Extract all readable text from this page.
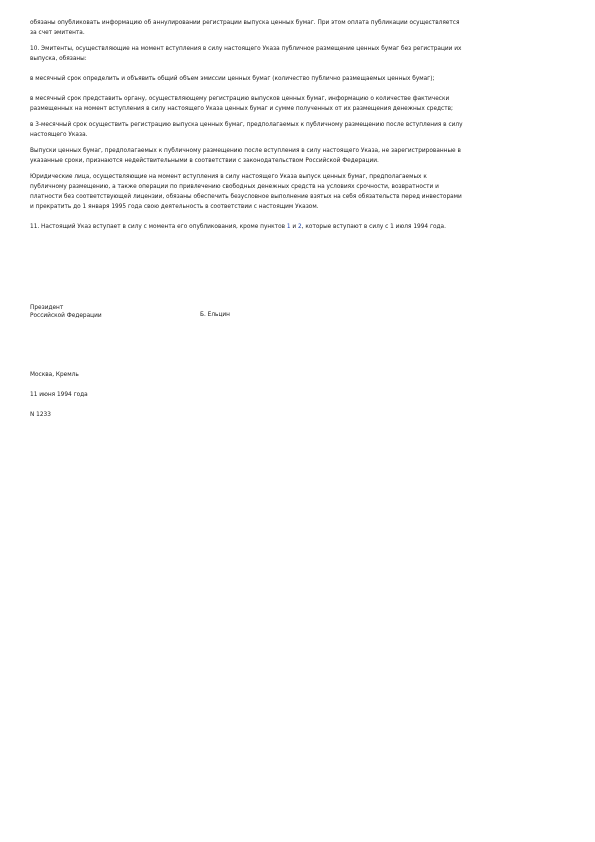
обязаны опубликовать информацию об аннулировании регистрации выпуска ценных бумаг. При этом оплата публикации осуществляется
за счет эмитента.
10. Эмитенты, осуществляющие на момент вступления в силу настоящего Указа публичное размещение ценных бумаг без регистрации их
выпуска, обязаны:
в месячный срок определить и объявить общий объем эмиссии ценных бумаг (количество публично размещаемых ценных бумаг);
в месячный срок представить органу, осуществляющему регистрацию выпусков ценных бумаг, информацию о количестве фактически
размещенных на момент вступления в силу настоящего Указа ценных бумаг и сумме полученных от их размещения денежных средств;
в 3-месячный срок осуществить регистрацию выпуска ценных бумаг, предполагаемых к публичному размещению после вступления в силу
настоящего Указа.
Выпуски ценных бумаг, предполагаемых к публичному размещению после вступления в силу настоящего Указа, не зарегистрированные в
указанные сроки, признаются недействительными в соответствии с законодательством Российской Федерации.
Юридические лица, осуществляющие на момент вступления в силу настоящего Указа выпуск ценных бумаг, предполагаемых к
публичному размещению, а также операции по привлечению свободных денежных средств на условиях срочности, возвратности и
платности без соответствующей лицензии, обязаны обеспечить безусловное выполнение взятых на себя обязательств перед инвесторами
и прекратить до 1 января 1995 года свою деятельность в соответствии с настоящим Указом.
11. Настоящий Указ вступает в силу с момента его опубликования, кроме пунктов 1 и 2, которые вступают в силу с 1 июля 1994 года.
Президент
Российской Федерации	Б. Ельцин
Москва, Кремль
11 июня 1994 года
N 1233
